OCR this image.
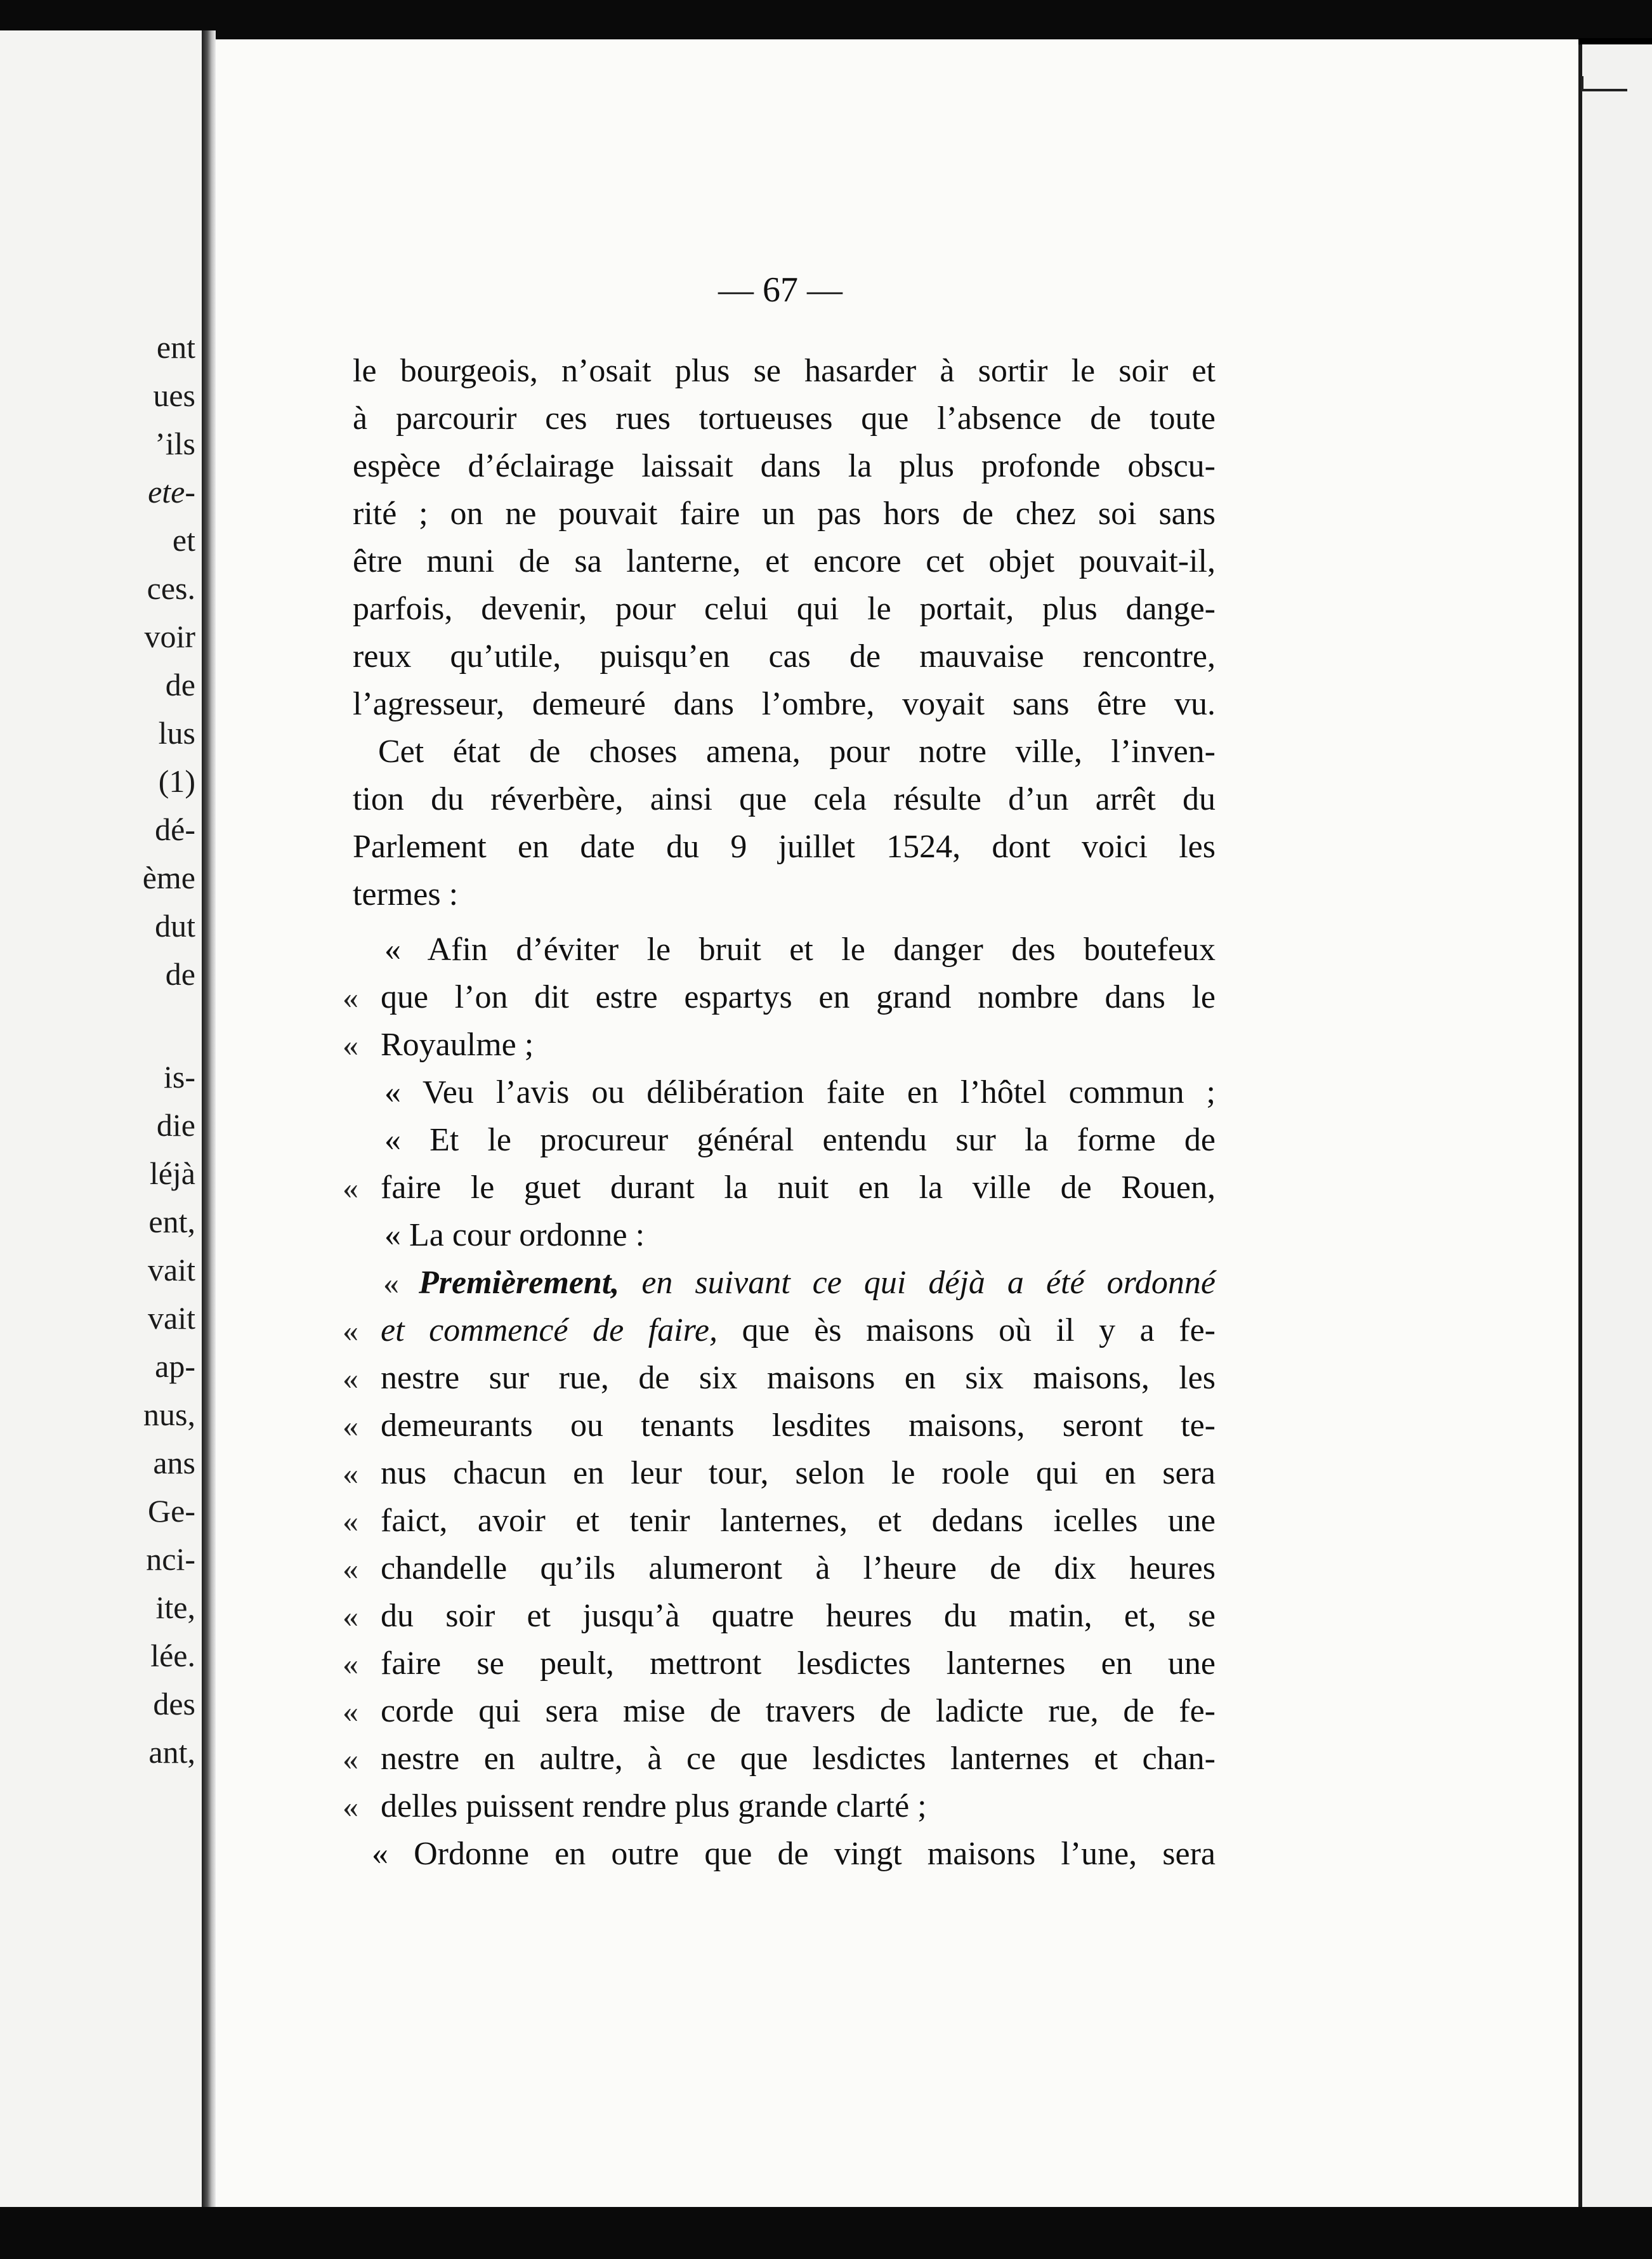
ent
ues
’ils
ete-
et
ces.
voir
de
lus
(1)
dé-
ème
dut
de
is-
die
léjà
ent,
vait
vait
ap-
nus,
ans
Ge-
nci-
ite,
lée.
des
ant,
— 67 —
le bourgeois, n’osait plus se hasarder à sortir le soir et
à parcourir ces rues tortueuses que l’absence de toute
espèce d’éclairage laissait dans la plus profonde obscu-
rité ; on ne pouvait faire un pas hors de chez soi sans
être muni de sa lanterne, et encore cet objet pouvait-il,
parfois, devenir, pour celui qui le portait, plus dange-
reux qu’utile, puisqu’en cas de mauvaise rencontre,
l’agresseur, demeuré dans l’ombre, voyait sans être vu.
Cet état de choses amena, pour notre ville, l’inven-
tion du réverbère, ainsi que cela résulte d’un arrêt du
Parlement en date du 9 juillet 1524, dont voici les
termes :
« Afin d’éviter le bruit et le danger des boutefeux
« que l’on dit estre espartys en grand nombre dans le
« Royaulme ;
« Veu l’avis ou délibération faite en l’hôtel commun ;
« Et le procureur général entendu sur la forme de
« faire le guet durant la nuit en la ville de Rouen,
« La cour ordonne :
« Premièrement, en suivant ce qui déjà a été ordonné
« et commencé de faire, que ès maisons où il y a fe-
« nestre sur rue, de six maisons en six maisons, les
« demeurants ou tenants lesdites maisons, seront te-
« nus chacun en leur tour, selon le roole qui en sera
« faict, avoir et tenir lanternes, et dedans icelles une
« chandelle qu’ils alumeront à l’heure de dix heures
« du soir et jusqu’à quatre heures du matin, et, se
« faire se peult, mettront lesdictes lanternes en une
« corde qui sera mise de travers de ladicte rue, de fe-
« nestre en aultre, à ce que lesdictes lanternes et chan-
« delles puissent rendre plus grande clarté ;
« Ordonne en outre que de vingt maisons l’une, sera
